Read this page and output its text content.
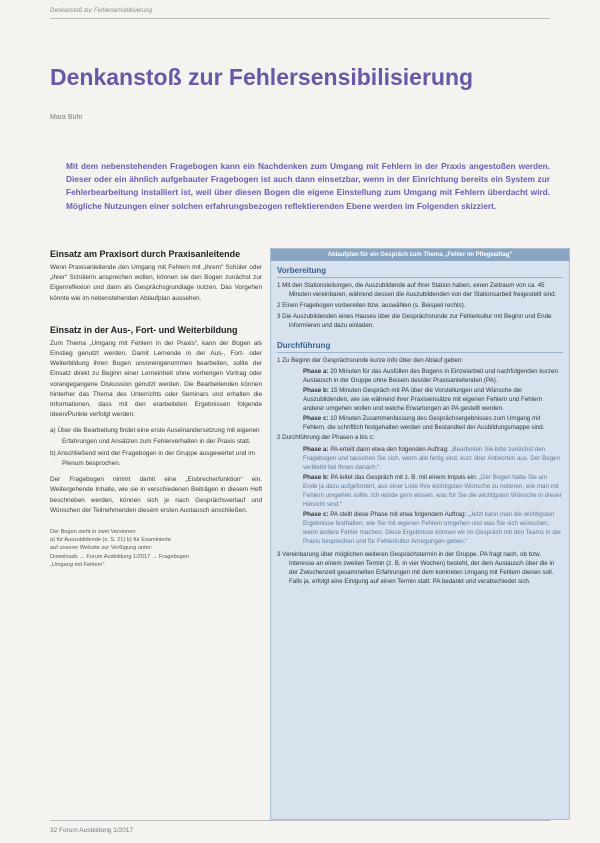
Denkanstoß zur Fehlersensibilisierung
Denkanstoß zur Fehlersensibilisierung
Mara Bühr
Mit dem nebenstehenden Fragebogen kann ein Nachdenken zum Umgang mit Fehlern in der Praxis angestoßen werden. Dieser oder ein ähnlich aufgebauter Fragebogen ist auch dann einsetzbar, wenn in der Einrichtung bereits ein System zur Fehlerbearbeitung installiert ist, weil über diesen Bogen die eigene Einstellung zum Umgang mit Fehlern überdacht wird. Mögliche Nutzungen einer solchen erfahrungsbezogen reflektierenden Ebene werden im Folgenden skizziert.
Einsatz am Praxisort durch Praxisanleitende

Wenn Praxisanleitende den Umgang mit Fehlern mit „ihrem“ Schüler oder „ihrer“ Schülerin ansprechen wollen, können sie den Bogen zunächst zur Eigenreflexion und dann als Gesprächsgrundlage nutzen. Das Vorgehen könnte wie im nebenstehenden Ablaufplan aussehen.

Einsatz in der Aus-, Fort- und Weiterbildung

Zum Thema „Umgang mit Fehlern in der Praxis“, kann der Bogen als Einstieg genutzt werden. Damit Lernende in der Aus-, Fort- oder Weiterbildung ihren Bogen unvoreingenommen bearbeiten, sollte der Einsatz direkt zu Beginn einer Lerneinheit ohne vorherigen Vortrag oder vorangegangene Diskussion genutzt werden. Die Bearbeitenden können hinterher das Thema des Unterrichts oder Seminars und erhalten die Informationen, dass mit den erarbeiteten Ergebnissen folgende Ideen/Punkte verfolgt werden:

a) Über die Bearbeitung findet eine erste Auseinandersetzung mit eigenen Erfahrungen und Ansätzen zum Fehlerverhalten in der Praxis statt.
b) Anschließend wird der Fragebogen in der Gruppe ausgewertet und im Plenum besprochen.

Der Fragebogen nimmt damit eine „Eisbrecherfunktion“ ein. Weitergehende Inhalte, wie sie in verschiedenen Beiträgen in diesem Heft beschrieben werden, können sich je nach Gesprächsverlauf und Wünschen der Teilnehmenden diesem ersten Austausch anschließen.

Der Bogen steht in zwei Versionen
a) für Auszubildende (s. S. 21) b) für Examinierte
auf unserer Website zur Verfügung unter:
Downloads → Forum Ausbildung 1/2017 → Fragebogen
„Umgang mit Fehlern“
Ablaufplan für ein Gespräch zum Thema „Fehler im Pflegealltag“
Vorbereitung
1 Mit den Stationsleitungen, die Auszubildende auf ihrer Station haben, einen Zeitraum von ca. 45 Minuten vereinbaren, während dessen die Auszubildenden von der Stationsarbeit freigestellt sind.
2 Einen Fragebogen vorbereiten bzw. auswählen (s. Beispiel rechts).
3 Die Auszubildenden eines Hauses über die Gesprächsrunde zur Fehlerkultur mit Beginn und Ende informieren und dazu einladen.
Durchführung
1 Zu Beginn der Gesprächsrunde kurze Info über den Ablauf geben:
Phase a: 20 Minuten für das Ausfüllen des Bogens in Einzelarbeit und nachfolgenden kurzen Austausch in der Gruppe ohne Beisein des/der Praxisanleitenden (PA).
Phase b: 15 Minuten Gespräch mit PA über die Vorstellungen und Wünsche der Auszubildenden, wie sie während ihrer Praxiseinsätze mit eigenen Fehlern und Fehlern anderer umgehen wollen und welche Erwartungen an PA gestellt werden.
Phase c: 10 Minuten Zusammenfassung des Gesprächsergebnisses zum Umgang mit Fehlern, die schriftlich festgehalten werden und Bestandteil der Ausbildungsmappe sind.
2 Durchführung der Phasen a bis c:
Phase a: PA erteilt dann etwa den folgenden Auftrag: „Bearbeiten Sie bitte zunächst den Fragebogen und tauschen Sie sich, wenn alle fertig sind, kurz über Antworten aus. Der Bogen verbleibt bei Ihnen danach.“
Phase b: PA leitet das Gespräch mit z. B. mit einem Impuls ein: „Der Bogen hatte Sie am Ende ja dazu aufgefordert, aus einer Liste Ihre wichtigsten Wünsche zu notieren, wie man mit Fehlern umgehen sollte. Ich würde gern wissen, was für Sie die wichtigsten Wünsche in dieser Hinsicht sind.“
Phase c: PA stellt diese Phase mit etwa folgendem Auftrag: „Jetzt kann man die wichtigsten Ergebnisse festhalten, wie Sie mit eigenen Fehlern umgehen und was Sie sich wünschen, wenn andere Fehler machen. Diese Ergebnisse können wir im Gespräch mit den Teams in der Praxis besprechen und für Fehlerkultur Anregungen geben.“
3 Vereinbarung über möglichen weiteren Gesprächstermin in der Gruppe. PA fragt nach, ob bzw. Interesse an einem zweiten Termin (z. B. in vier Wochen) besteht, der dem Austausch über die in der Zwischenzeit gesammelten Erfahrungen mit dem konkreten Umgang mit Fehlern dienen soll. Falls ja, erfolgt eine Einigung auf einen Termin statt. PA bedankt und verabschiedet sich.
32 Forum Ausbildung 1/2017
